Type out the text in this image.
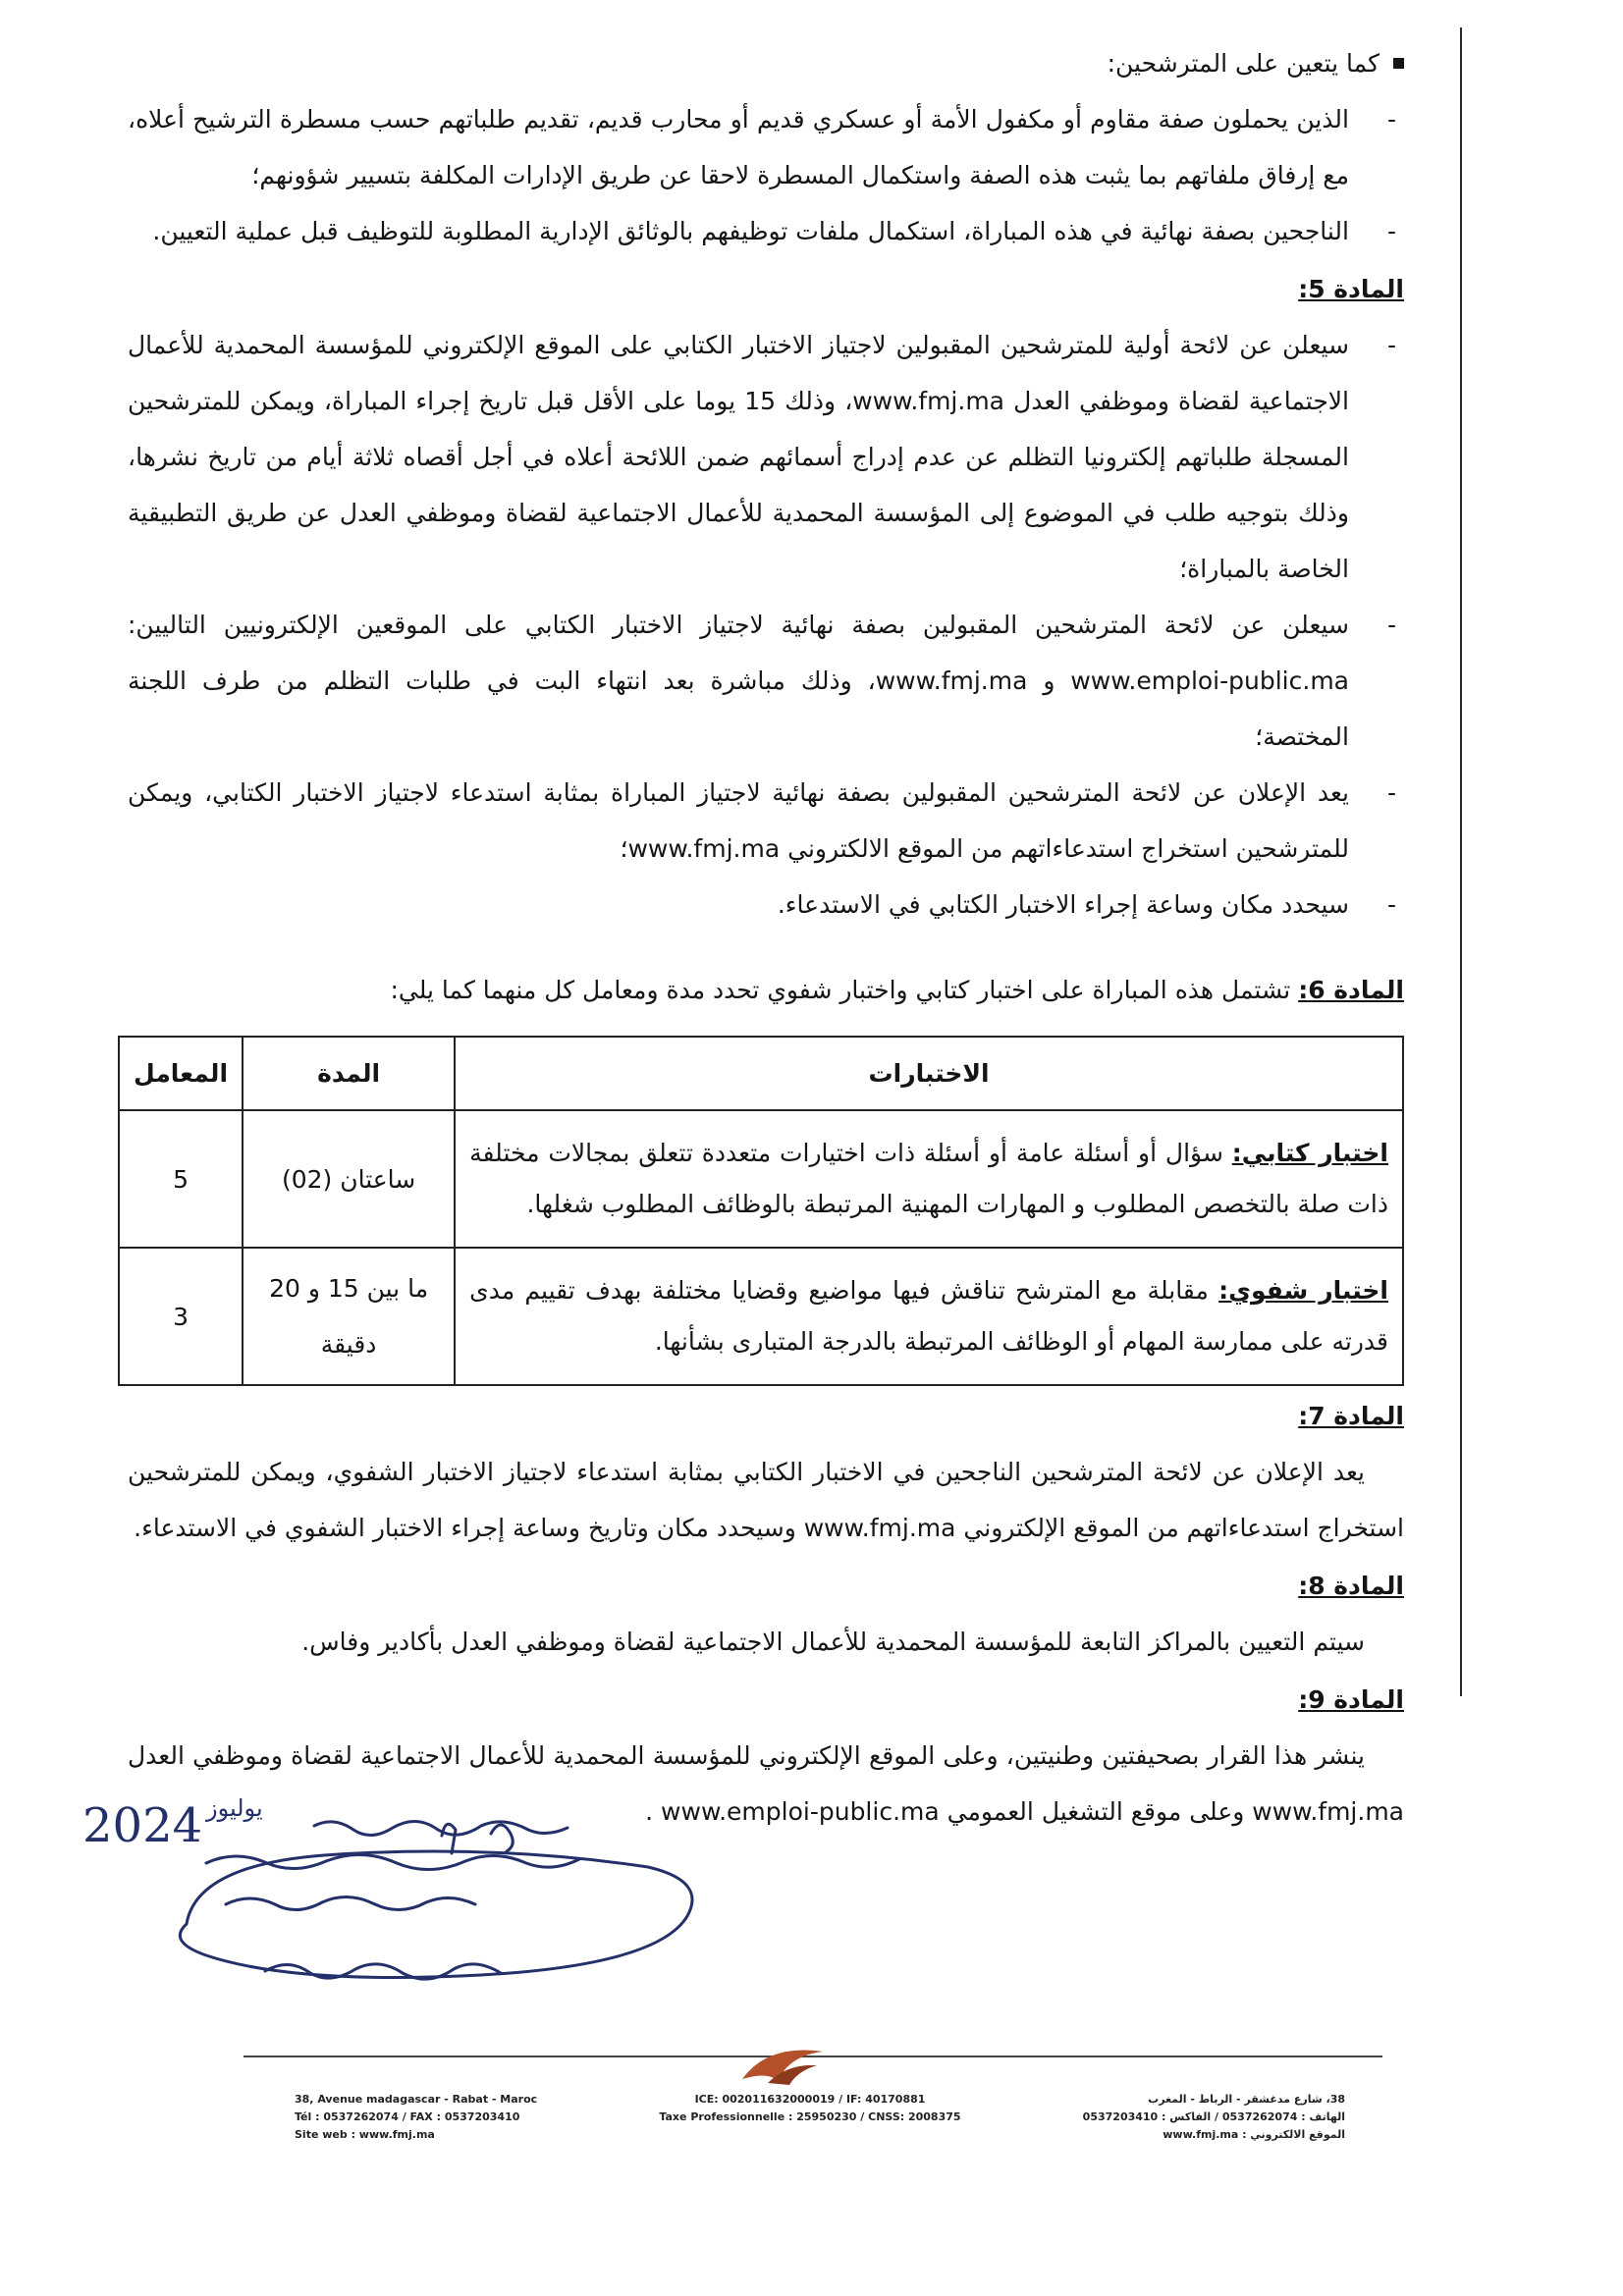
كما يتعين على المترشحين:
- الذين يحملون صفة مقاوم أو مكفول الأمة أو عسكري قديم أو محارب قديم، تقديم طلباتهم حسب مسطرة الترشيح أعلاه، مع إرفاق ملفاتهم بما يثبت هذه الصفة واستكمال المسطرة لاحقا عن طريق الإدارات المكلفة بتسيير شؤونهم؛
- الناجحين بصفة نهائية في هذه المباراة، استكمال ملفات توظيفهم بالوثائق الإدارية المطلوبة للتوظيف قبل عملية التعيين.
المادة 5:
- سيعلن عن لائحة أولية للمترشحين المقبولين لاجتياز الاختبار الكتابي على الموقع الإلكتروني للمؤسسة المحمدية للأعمال الاجتماعية لقضاة وموظفي العدل www.fmj.ma، وذلك 15 يوما على الأقل قبل تاريخ إجراء المباراة، ويمكن للمترشحين المسجلة طلباتهم إلكترونيا التظلم عن عدم إدراج أسمائهم ضمن اللائحة أعلاه في أجل أقصاه ثلاثة أيام من تاريخ نشرها، وذلك بتوجيه طلب في الموضوع إلى المؤسسة المحمدية للأعمال الاجتماعية لقضاة وموظفي العدل عن طريق التطبيقية الخاصة بالمباراة؛
- سيعلن عن لائحة المترشحين المقبولين بصفة نهائية لاجتياز الاختبار الكتابي على الموقعين الإلكترونيين التاليين: www.emploi-public.ma و www.fmj.ma، وذلك مباشرة بعد انتهاء البت في طلبات التظلم من طرف اللجنة المختصة؛
- يعد الإعلان عن لائحة المترشحين المقبولين بصفة نهائية لاجتياز المباراة بمثابة استدعاء لاجتياز الاختبار الكتابي، ويمكن للمترشحين استخراج استدعاءاتهم من الموقع الالكتروني www.fmj.ma؛
- سيحدد مكان وساعة إجراء الاختبار الكتابي في الاستدعاء.
المادة 6: تشتمل هذه المباراة على اختبار كتابي واختبار شفوي تحدد مدة ومعامل كل منهما كما يلي:
الاختبارات	المدة	المعامل
اختبار كتابي: سؤال أو أسئلة عامة أو أسئلة ذات اختيارات متعددة تتعلق بمجالات مختلفة ذات صلة بالتخصص المطلوب و المهارات المهنية المرتبطة بالوظائف المطلوب شغلها.	ساعتان (02)	5
اختبار شفوي: مقابلة مع المترشح تناقش فيها مواضيع وقضايا مختلفة بهدف تقييم مدى قدرته على ممارسة المهام أو الوظائف المرتبطة بالدرجة المتبارى بشأنها.	ما بين 15 و 20 دقيقة	3
المادة 7:
يعد الإعلان عن لائحة المترشحين الناجحين في الاختبار الكتابي بمثابة استدعاء لاجتياز الاختبار الشفوي، ويمكن للمترشحين استخراج استدعاءاتهم من الموقع الإلكتروني www.fmj.ma وسيحدد مكان وتاريخ وساعة إجراء الاختبار الشفوي في الاستدعاء.
المادة 8:
سيتم التعيين بالمراكز التابعة للمؤسسة المحمدية للأعمال الاجتماعية لقضاة وموظفي العدل بأكادير وفاس.
المادة 9:
ينشر هذا القرار بصحيفتين وطنيتين، وعلى الموقع الإلكتروني للمؤسسة المحمدية للأعمال الاجتماعية لقضاة وموظفي العدل www.fmj.ma وعلى موقع التشغيل العمومي www.emploi-public.ma .
2024 يوليوز
38, Avenue madagascar - Rabat - Maroc
Tél : 0537262074 / FAX : 0537203410
Site web : www.fmj.ma
ICE: 002011632000019 / IF: 40170881
Taxe Professionnelle : 25950230 / CNSS: 2008375
38، شارع مدغشقر - الرباط - المغرب
الهاتف : 0537262074 / الفاكس : 0537203410
الموقع الالكتروني : www.fmj.ma
